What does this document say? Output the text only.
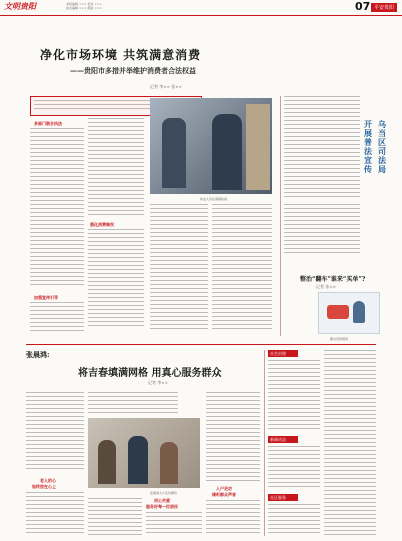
文明贵阳	本版编辑 ××× 校对 ×××
美术编辑 ××× 组版 ×××	07 平安贵阳
净化市场环境 共筑满意消费
——贵阳市多措并举维护消费者合法权益
记者 李×× 张××
多部门联合执法
加强宣传引导
强化消费维权
执法人员在商超检查
乌当区司法局
开展普法宣传
整治“翻车”谁来“买单”?
记者 张××
图为宣传现场
张晨鸿:
将吉春填满网格 用真心服务群众
记者 李××
老人的心
始终放在心上
张晨鸿入户走访群众
用心关爱
服务好每一位居民
入户走访
倾听群众声音
社会治理
新闻动态
社区服务
